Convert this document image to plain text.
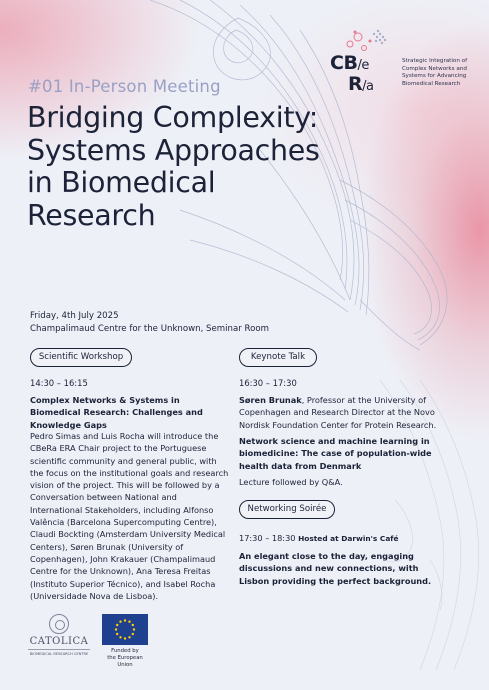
CB/e
R/a
Strategic Integration of Complex Networks and Systems for Advancing Biomedical Research
#01 In-Person Meeting
Bridging Complexity: Systems Approaches in Biomedical Research
Friday, 4th July 2025
Champalimaud Centre for the Unknown, Seminar Room
Scientific Workshop
14:30 – 16:15
Complex Networks & Systems in Biomedical Research: Challenges and Knowledge Gaps
Pedro Simas and Luis Rocha will introduce the CBeRa ERA Chair project to the Portuguese scientific community and general public, with the focus on the institutional goals and research vision of the project. This will be followed by a Conversation between National and International Stakeholders, including Alfonso Valência (Barcelona Supercomputing Centre), Claudi Bockting (Amsterdam University Medical Centers), Søren Brunak (University of Copenhagen), John Krakauer (Champalimaud Centre for the Unknown), Ana Teresa Freitas (Instituto Superior Técnico), and Isabel Rocha (Universidade Nova de Lisboa).
Keynote Talk
16:30 – 17:30
Søren Brunak, Professor at the University of Copenhagen and Research Director at the Novo Nordisk Foundation Center for Protein Research.
Network science and machine learning in biomedicine: The case of population-wide health data from Denmark
Lecture followed by Q&A.
Networking Soirée
17:30 – 18:30 Hosted at Darwin's Café
An elegant close to the day, engaging discussions and new connections, with Lisbon providing the perfect background.
CATOLICA
BIOMEDICAL RESEARCH CENTRE	Funded by
the European Union
